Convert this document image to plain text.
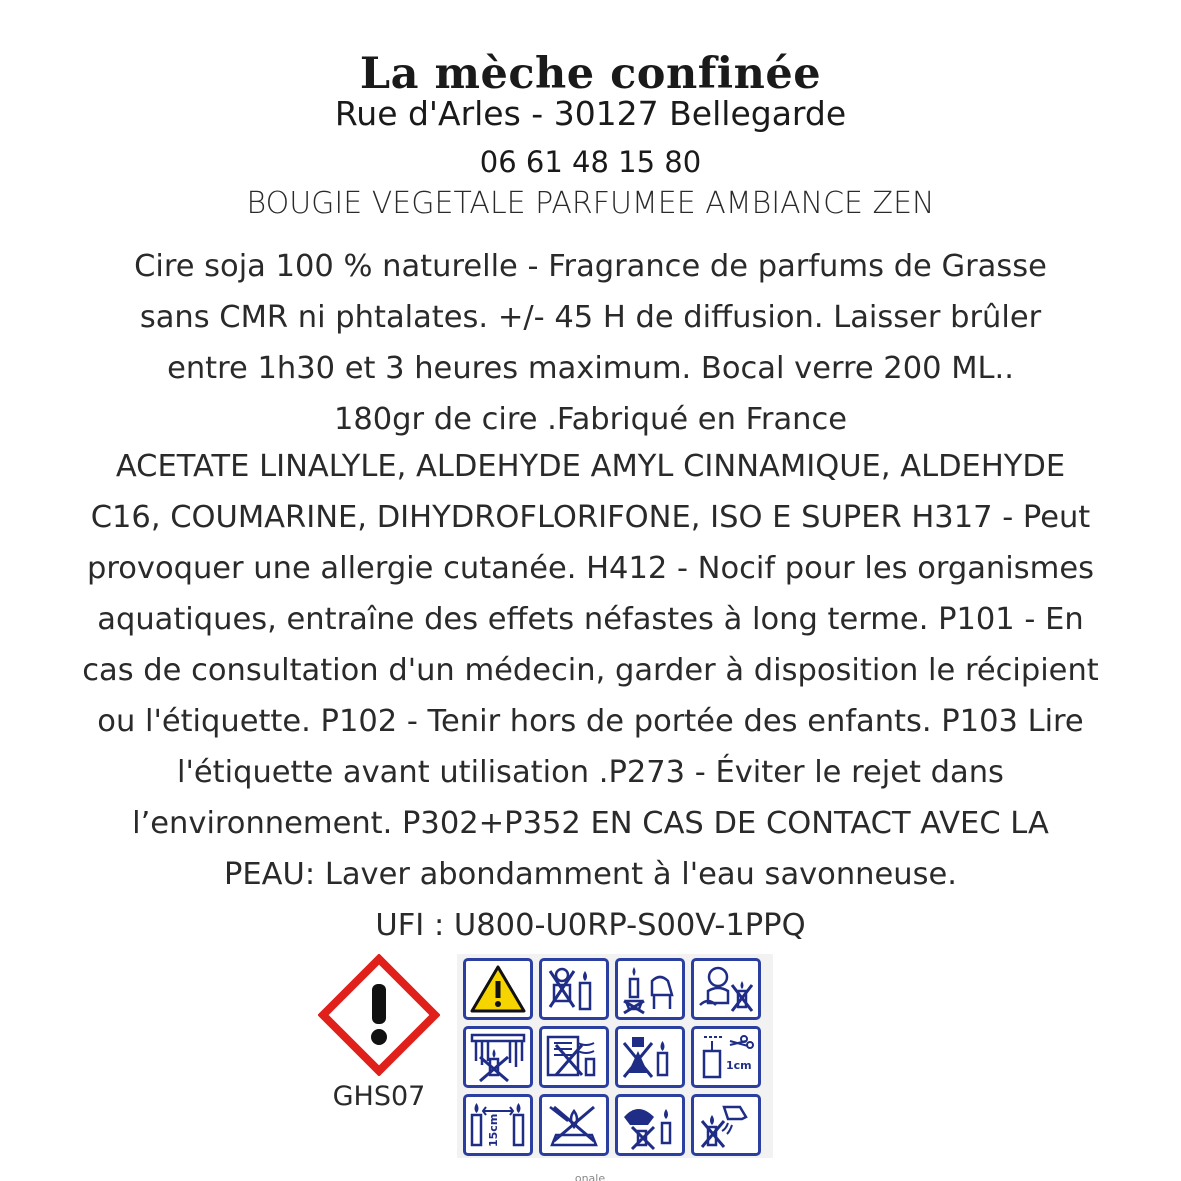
La mèche confinée
Rue d'Arles - 30127 Bellegarde
06 61 48 15 80
BOUGIE VEGETALE PARFUMEE AMBIANCE ZEN
Cire soja 100 % naturelle - Fragrance de parfums de Grasse
sans CMR ni phtalates. +/- 45 H de diffusion. Laisser brûler
entre 1h30 et 3 heures maximum. Bocal verre 200 ML..
180gr de cire .Fabriqué en France
ACETATE LINALYLE, ALDEHYDE AMYL CINNAMIQUE, ALDEHYDE
C16, COUMARINE, DIHYDROFLORIFONE, ISO E SUPER H317 - Peut
provoquer une allergie cutanée. H412 - Nocif pour les organismes
aquatiques, entraîne des effets néfastes à long terme. P101 - En
cas de consultation d'un médecin, garder à disposition le récipient
ou l'étiquette. P102 - Tenir hors de portée des enfants. P103 Lire
l'étiquette avant utilisation .P273 - Éviter le rejet dans
l’environnement. P302+P352 EN CAS DE CONTACT AVEC LA
PEAU: Laver abondamment à l'eau savonneuse.
UFI : U800-U0RP-S00V-1PPQ
GHS07
1cm
15cm
onale
